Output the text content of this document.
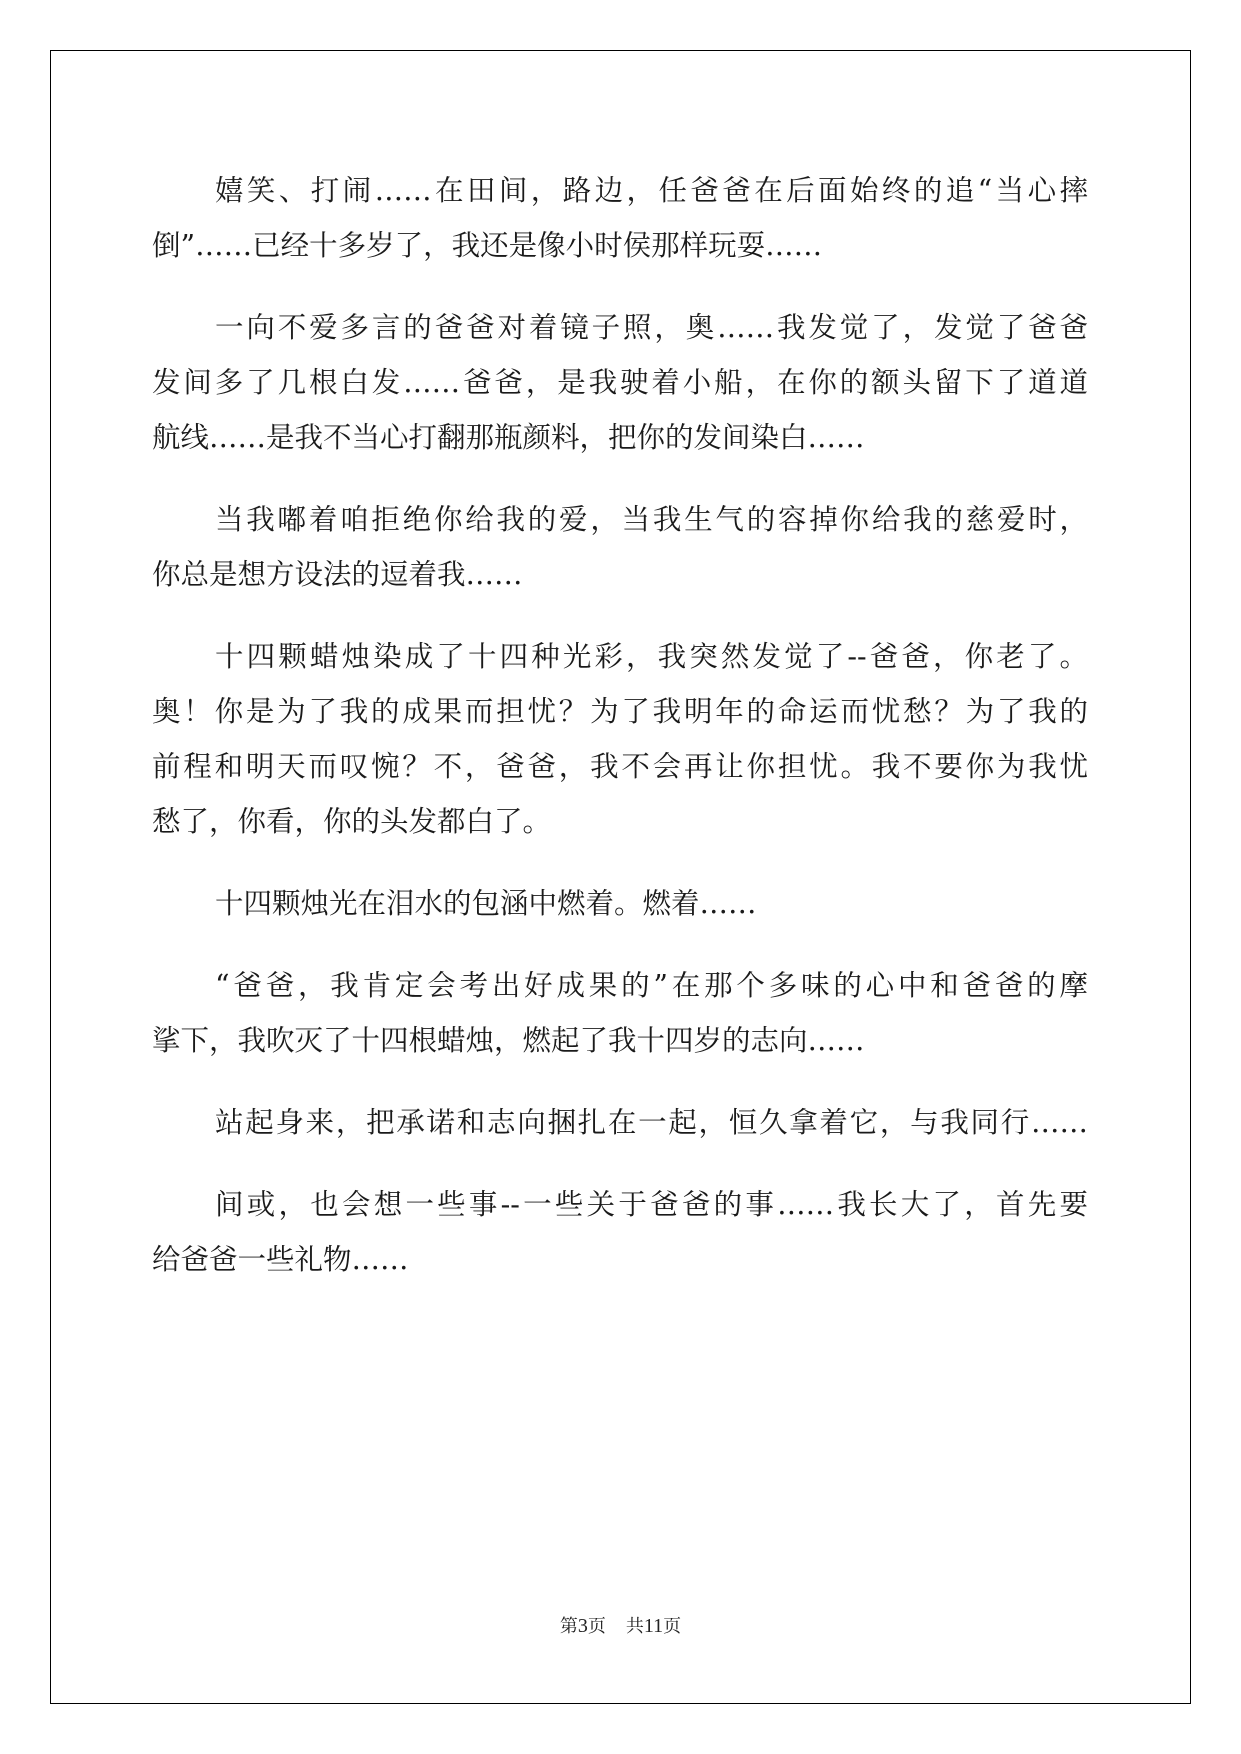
嬉笑、打闹……在田间，路边，任爸爸在后面始终的追“当心摔
倒”……已经十多岁了，我还是像小时侯那样玩耍……
一向不爱多言的爸爸对着镜子照，奥……我发觉了，发觉了爸爸
发间多了几根白发……爸爸，是我驶着小船，在你的额头留下了道道
航线……是我不当心打翻那瓶颜料，把你的发间染白……
当我嘟着咱拒绝你给我的爱，当我生气的容掉你给我的慈爱时，
你总是想方设法的逗着我……
十四颗蜡烛染成了十四种光彩，我突然发觉了--爸爸，你老了。
奥！你是为了我的成果而担忧？为了我明年的命运而忧愁？为了我的
前程和明天而叹惋？不，爸爸，我不会再让你担忧。我不要你为我忧
愁了，你看，你的头发都白了。
十四颗烛光在泪水的包涵中燃着。燃着……
“爸爸，我肯定会考出好成果的”在那个多味的心中和爸爸的摩
挲下，我吹灭了十四根蜡烛，燃起了我十四岁的志向……
站起身来，把承诺和志向捆扎在一起，恒久拿着它，与我同行……
间或，也会想一些事--一些关于爸爸的事……我长大了，首先要
给爸爸一些礼物……
第3页 共11页
